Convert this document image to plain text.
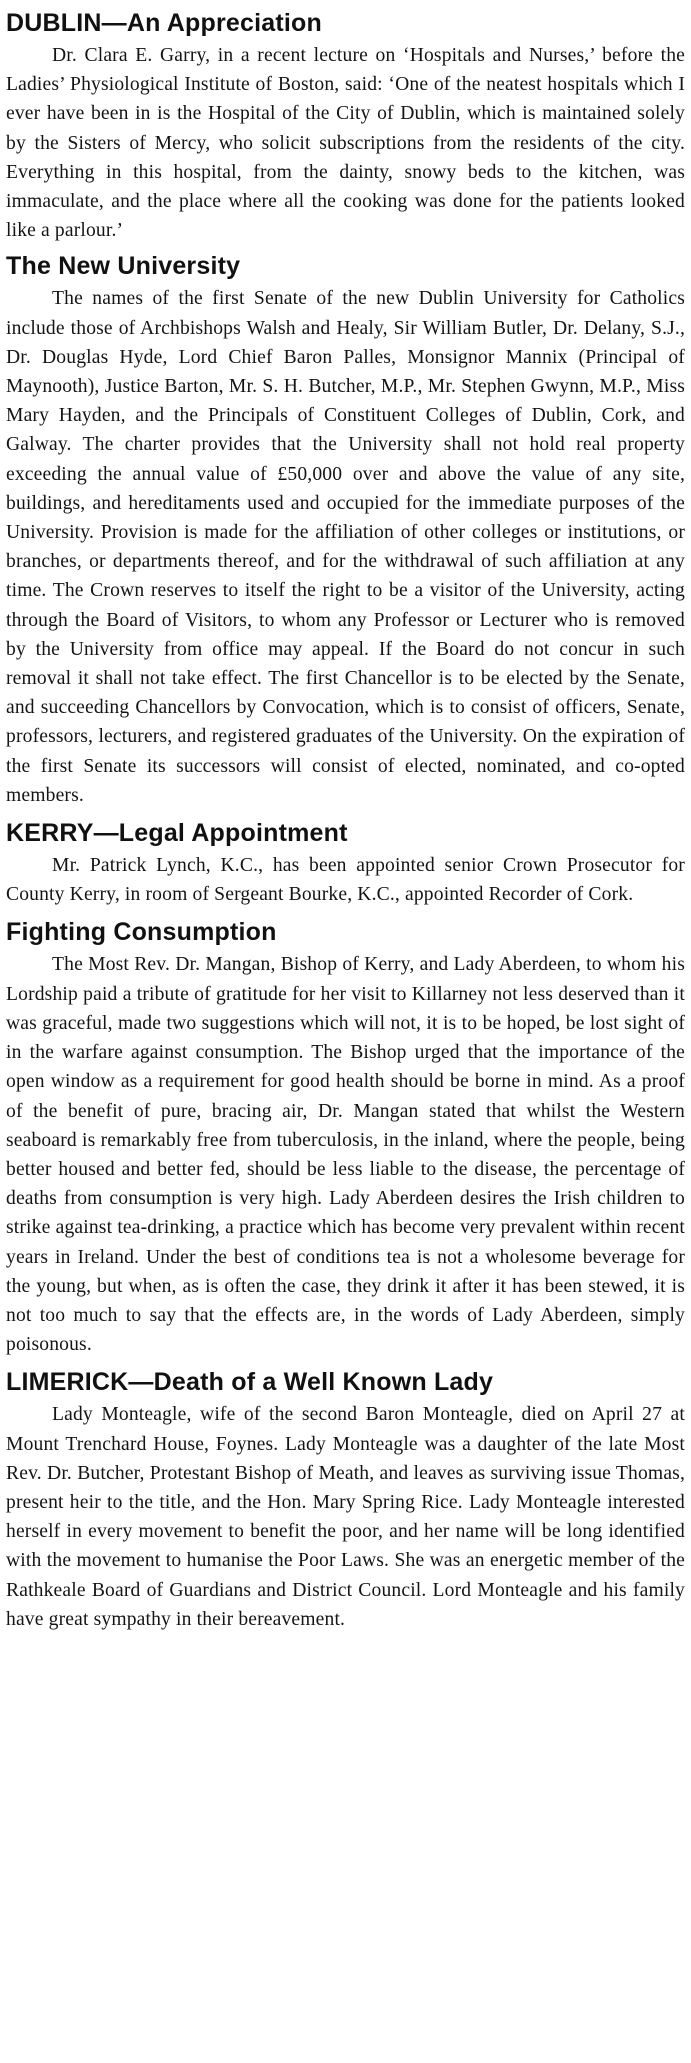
DUBLIN—An Appreciation

Dr. Clara E. Garry, in a recent lecture on ‘Hospitals and Nurses,’ before the Ladies’ Physiological Institute of Boston, said: ‘One of the neatest hospitals which I ever have been in is the Hospital of the City of Dublin, which is maintained solely by the Sisters of Mercy, who solicit subscriptions from the residents of the city. Everything in this hospital, from the dainty, snowy beds to the kitchen, was immaculate, and the place where all the cooking was done for the patients looked like a parlour.’

The New University

The names of the first Senate of the new Dublin University for Catholics include those of Archbishops Walsh and Healy, Sir William Butler, Dr. Delany, S.J., Dr. Douglas Hyde, Lord Chief Baron Palles, Monsignor Mannix (Principal of Maynooth), Justice Barton, Mr. S. H. Butcher, M.P., Mr. Stephen Gwynn, M.P., Miss Mary Hayden, and the Principals of Constituent Colleges of Dublin, Cork, and Galway. The charter provides that the University shall not hold real property exceeding the annual value of £50,000 over and above the value of any site, buildings, and hereditaments used and occupied for the immediate purposes of the University. Provision is made for the affiliation of other colleges or institutions, or branches, or departments thereof, and for the withdrawal of such affiliation at any time. The Crown reserves to itself the right to be a visitor of the University, acting through the Board of Visitors, to whom any Professor or Lecturer who is removed by the University from office may appeal. If the Board do not concur in such removal it shall not take effect. The first Chancellor is to be elected by the Senate, and succeeding Chancellors by Convocation, which is to consist of officers, Senate, professors, lecturers, and registered graduates of the University. On the expiration of the first Senate its successors will consist of elected, nominated, and co-opted members.

KERRY—Legal Appointment

Mr. Patrick Lynch, K.C., has been appointed senior Crown Prosecutor for County Kerry, in room of Sergeant Bourke, K.C., appointed Recorder of Cork.

Fighting Consumption

The Most Rev. Dr. Mangan, Bishop of Kerry, and Lady Aberdeen, to whom his Lordship paid a tribute of gratitude for her visit to Killarney not less deserved than it was graceful, made two suggestions which will not, it is to be hoped, be lost sight of in the warfare against consumption. The Bishop urged that the importance of the open window as a requirement for good health should be borne in mind. As a proof of the benefit of pure, bracing air, Dr. Mangan stated that whilst the Western seaboard is remarkably free from tuberculosis, in the inland, where the people, being better housed and better fed, should be less liable to the disease, the percentage of deaths from consumption is very high. Lady Aberdeen desires the Irish children to strike against tea-drinking, a practice which has become very prevalent within recent years in Ireland. Under the best of conditions tea is not a wholesome beverage for the young, but when, as is often the case, they drink it after it has been stewed, it is not too much to say that the effects are, in the words of Lady Aberdeen, simply poisonous.

LIMERICK—Death of a Well Known Lady

Lady Monteagle, wife of the second Baron Monteagle, died on April 27 at Mount Trenchard House, Foynes. Lady Monteagle was a daughter of the late Most Rev. Dr. Butcher, Protestant Bishop of Meath, and leaves as surviving issue Thomas, present heir to the title, and the Hon. Mary Spring Rice. Lady Monteagle interested herself in every movement to benefit the poor, and her name will be long identified with the movement to humanise the Poor Laws. She was an energetic member of the Rathkeale Board of Guardians and District Council. Lord Monteagle and his family have great sympathy in their bereavement.
